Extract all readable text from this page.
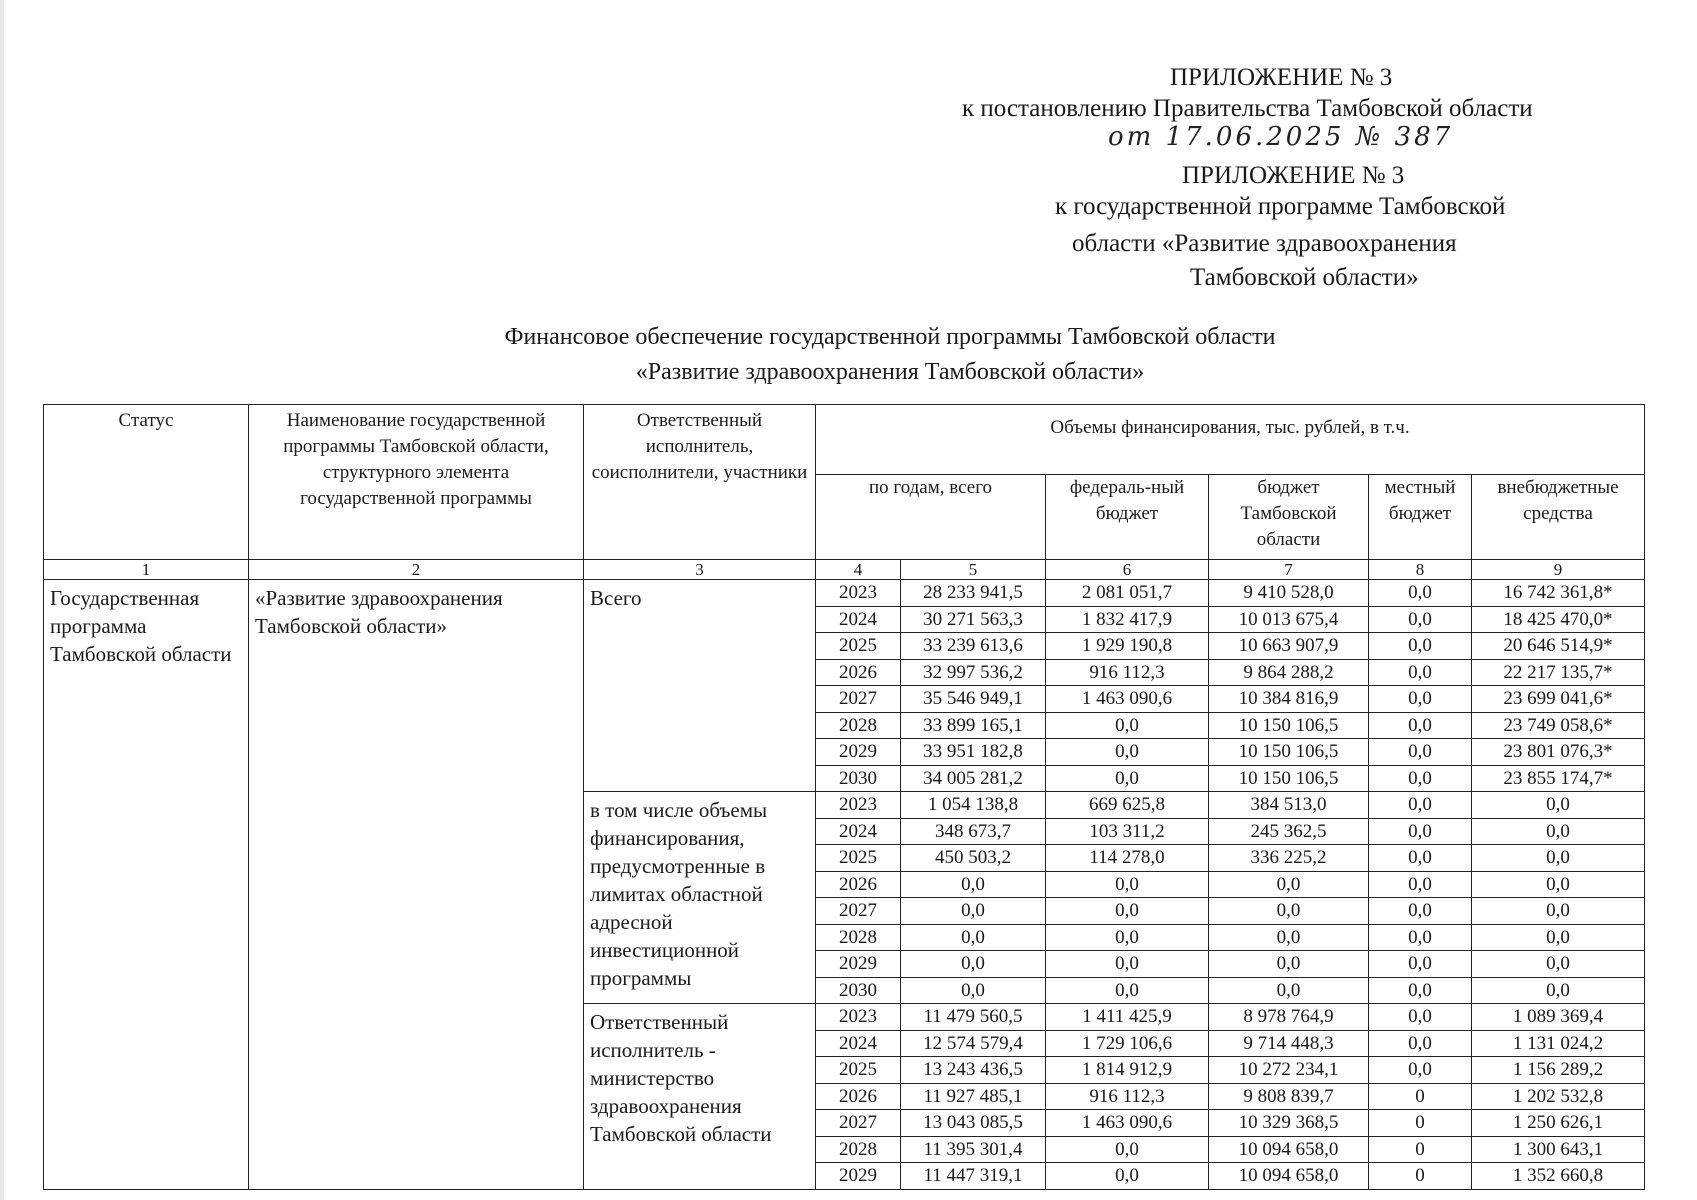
ПРИЛОЖЕНИЕ № 3
к постановлению Правительства Тамбовской области
от 17.06.2025 № 387
ПРИЛОЖЕНИЕ № 3
к государственной программе Тамбовской
области «Развитие здравоохранения
Тамбовской области»
Финансовое обеспечение государственной программы Тамбовской области
«Развитие здравоохранения Тамбовской области»
Статус	Наименование государственной программы Тамбовской области, структурного элемента государственной программы	Ответственный исполнитель, соисполнители, участники	Объемы финансирования, тыс. рублей, в т.ч.					
			по годам, всего		федераль-ный бюджет	бюджет Тамбовской области	местный бюджет	внебюджетные средства
1	2	3	4	5	6	7	8	9
Государственная программа Тамбовской области	«Развитие здравоохранения Тамбовской области»	Всего	2023	28 233 941,5	2 081 051,7	9 410 528,0	0,0	16 742 361,8*
			2024	30 271 563,3	1 832 417,9	10 013 675,4	0,0	18 425 470,0*
			2025	33 239 613,6	1 929 190,8	10 663 907,9	0,0	20 646 514,9*
			2026	32 997 536,2	916 112,3	9 864 288,2	0,0	22 217 135,7*
			2027	35 546 949,1	1 463 090,6	10 384 816,9	0,0	23 699 041,6*
			2028	33 899 165,1	0,0	10 150 106,5	0,0	23 749 058,6*
			2029	33 951 182,8	0,0	10 150 106,5	0,0	23 801 076,3*
			2030	34 005 281,2	0,0	10 150 106,5	0,0	23 855 174,7*
		в том числе объемы финансирования, предусмотренные в лимитах областной адресной инвестиционной программы	2023	1 054 138,8	669 625,8	384 513,0	0,0	0,0
			2024	348 673,7	103 311,2	245 362,5	0,0	0,0
			2025	450 503,2	114 278,0	336 225,2	0,0	0,0
			2026	0,0	0,0	0,0	0,0	0,0
			2027	0,0	0,0	0,0	0,0	0,0
			2028	0,0	0,0	0,0	0,0	0,0
			2029	0,0	0,0	0,0	0,0	0,0
			2030	0,0	0,0	0,0	0,0	0,0
		Ответственный исполнитель - министерство здравоохранения Тамбовской области	2023	11 479 560,5	1 411 425,9	8 978 764,9	0,0	1 089 369,4
			2024	12 574 579,4	1 729 106,6	9 714 448,3	0,0	1 131 024,2
			2025	13 243 436,5	1 814 912,9	10 272 234,1	0,0	1 156 289,2
			2026	11 927 485,1	916 112,3	9 808 839,7	0	1 202 532,8
			2027	13 043 085,5	1 463 090,6	10 329 368,5	0	1 250 626,1
			2028	11 395 301,4	0,0	10 094 658,0	0	1 300 643,1
			2029	11 447 319,1	0,0	10 094 658,0	0	1 352 660,8
